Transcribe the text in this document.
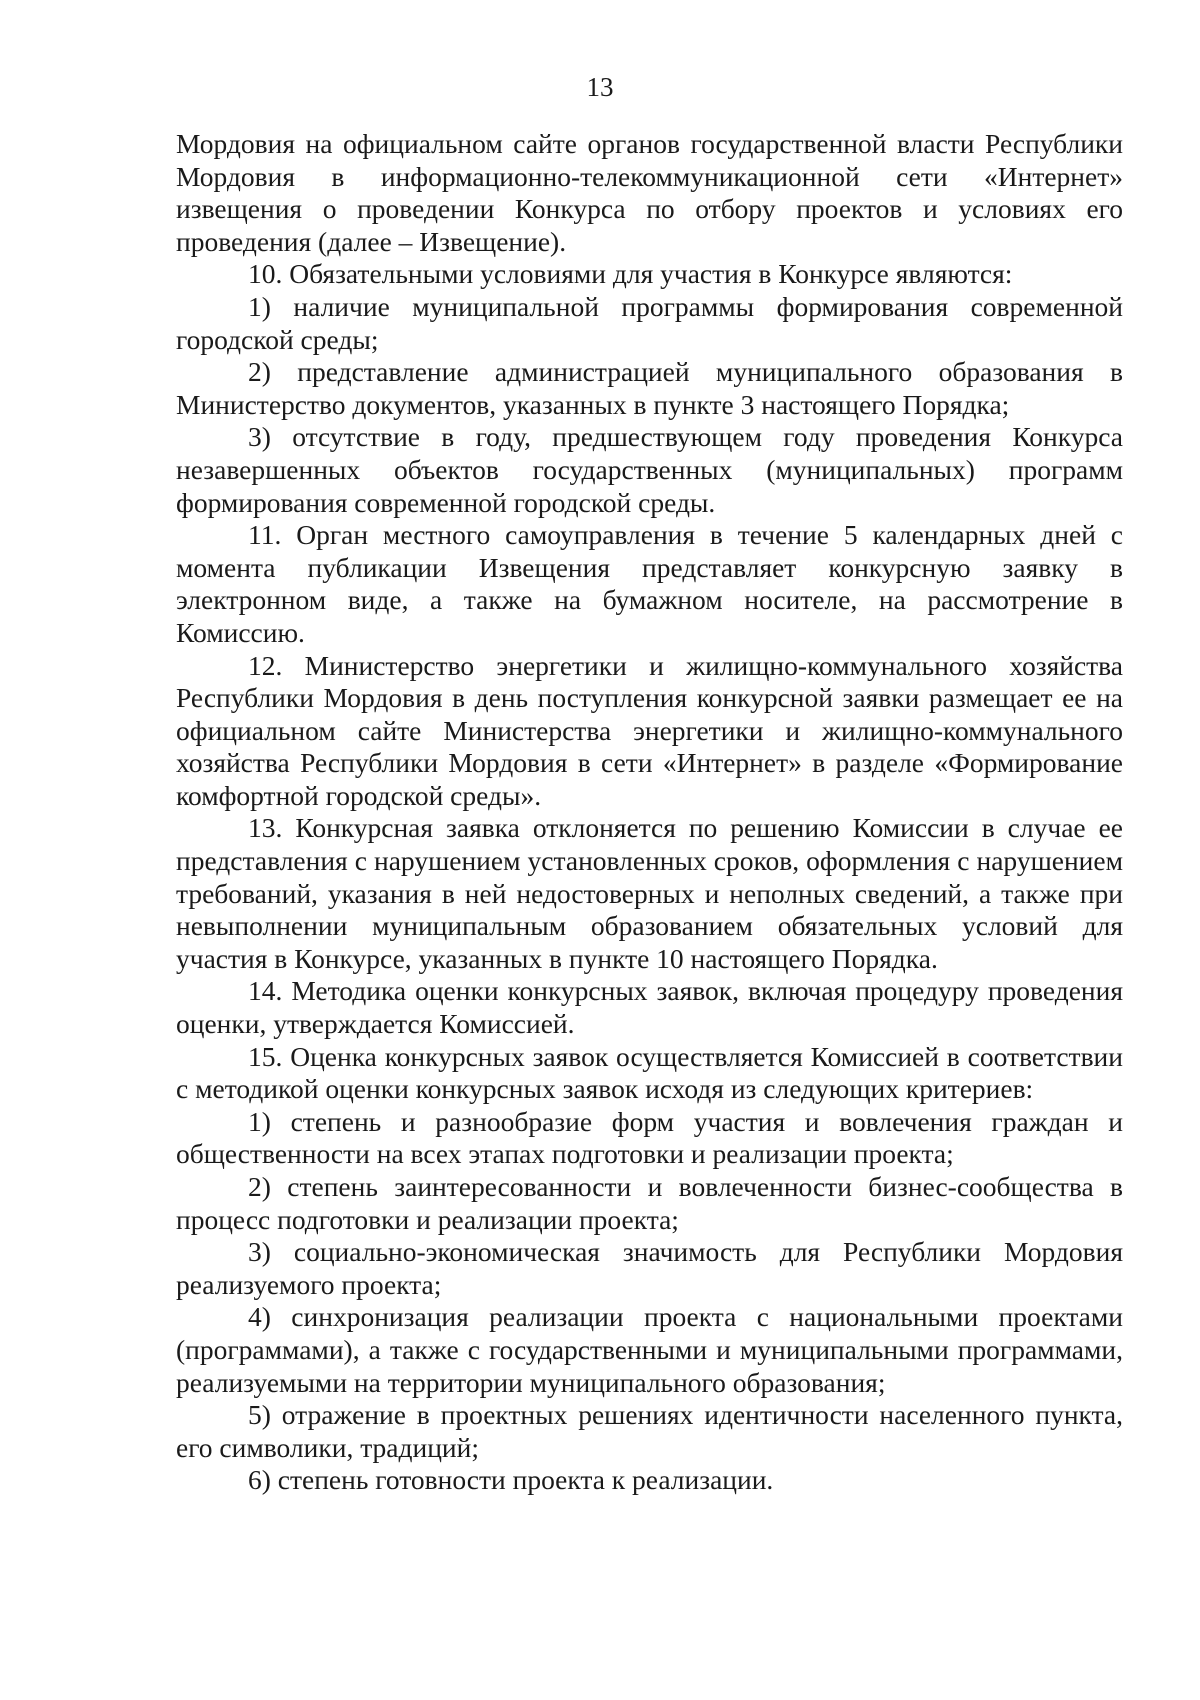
13

Мордовия на официальном сайте органов государственной власти Республики Мордовия в информационно-телекоммуникационной сети «Интернет» извещения о проведении Конкурса по отбору проектов и условиях его проведения (далее – Извещение).

10. Обязательными условиями для участия в Конкурсе являются:

1) наличие муниципальной программы формирования современной городской среды;

2) представление администрацией муниципального образования в Министерство документов, указанных в пункте 3 настоящего Порядка;

3) отсутствие в году, предшествующем году проведения Конкурса незавершенных объектов государственных (муниципальных) программ формирования современной городской среды.

11. Орган местного самоуправления в течение 5 календарных дней с момента публикации Извещения представляет конкурсную заявку в электронном виде, а также на бумажном носителе, на рассмотрение в Комиссию.

12. Министерство энергетики и жилищно-коммунального хозяйства Республики Мордовия в день поступления конкурсной заявки размещает ее на официальном сайте Министерства энергетики и жилищно-коммунального хозяйства Республики Мордовия в сети «Интернет» в разделе «Формирование комфортной городской среды».

13. Конкурсная заявка отклоняется по решению Комиссии в случае ее представления с нарушением установленных сроков, оформления с нарушением требований, указания в ней недостоверных и неполных сведений, а также при невыполнении муниципальным образованием обязательных условий для участия в Конкурсе, указанных в пункте 10 настоящего Порядка.

14. Методика оценки конкурсных заявок, включая процедуру проведения оценки, утверждается Комиссией.

15. Оценка конкурсных заявок осуществляется Комиссией в соответствии с методикой оценки конкурсных заявок исходя из следующих критериев:

1) степень и разнообразие форм участия и вовлечения граждан и общественности на всех этапах подготовки и реализации проекта;

2) степень заинтересованности и вовлеченности бизнес-сообщества в процесс подготовки и реализации проекта;

3) социально-экономическая значимость для Республики Мордовия реализуемого проекта;

4) синхронизация реализации проекта с национальными проектами (программами), а также с государственными и муниципальными программами, реализуемыми на территории муниципального образования;

5) отражение в проектных решениях идентичности населенного пункта, его символики, традиций;

6) степень готовности проекта к реализации.
